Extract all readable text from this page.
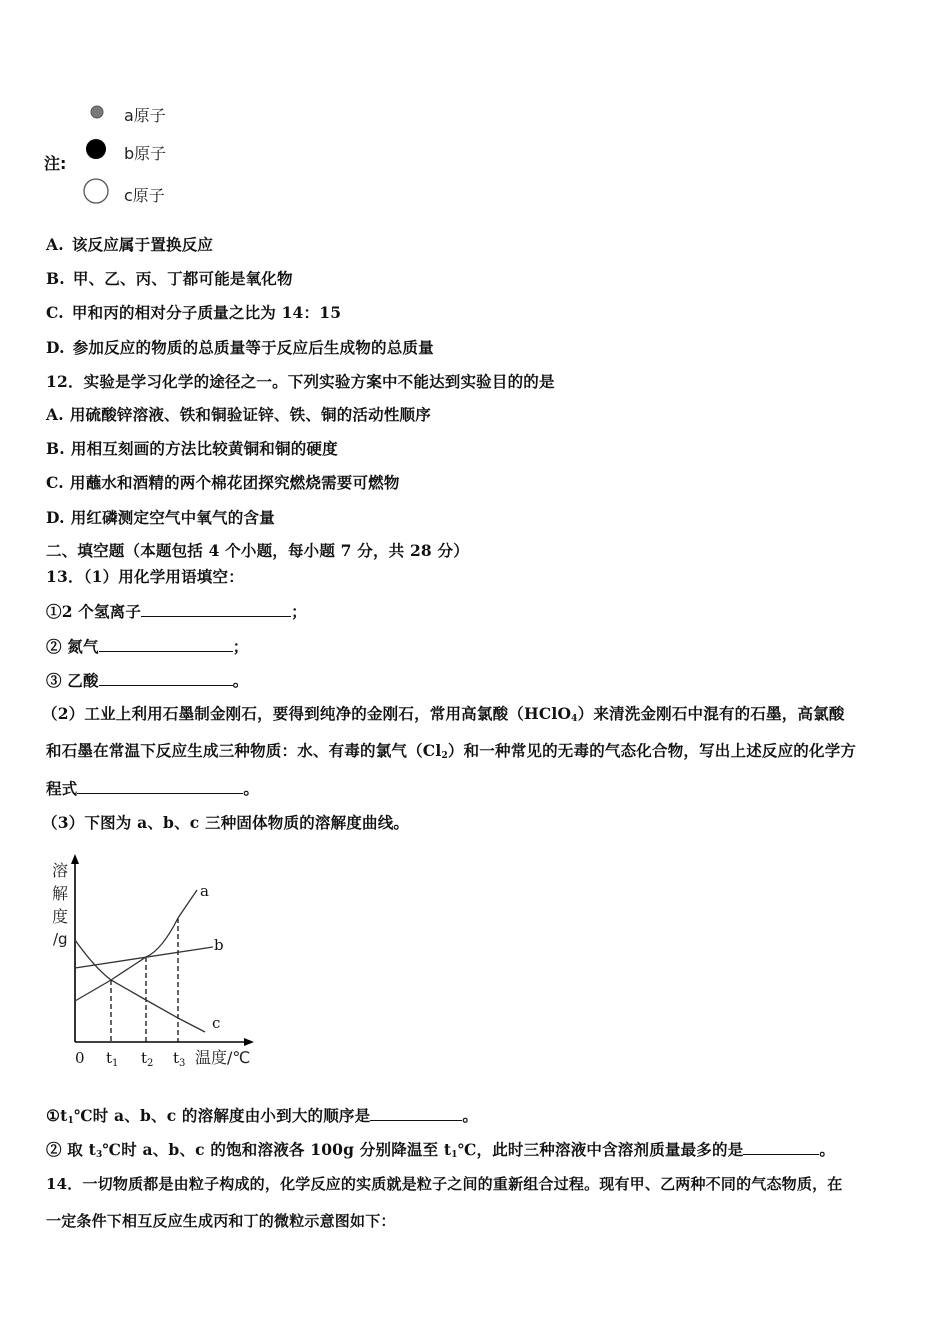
注:
a原子
b原子
c原子
A. 该反应属于置换反应
B. 甲、乙、丙、丁都可能是氧化物
C. 甲和丙的相对分子质量之比为 14：15
D. 参加反应的物质的总质量等于反应后生成物的总质量
12．实验是学习化学的途径之一。下列实验方案中不能达到实验目的的是
A. 用硫酸锌溶液、铁和铜验证锌、铁、铜的活动性顺序
B. 用相互刻画的方法比较黄铜和铜的硬度
C. 用蘸水和酒精的两个棉花团探究燃烧需要可燃物
D. 用红磷测定空气中氧气的含量
二、填空题（本题包括 4 个小题，每小题 7 分，共 28 分）
13．（1）用化学用语填空：
①2 个氢离子	；
② 氮气	；
③ 乙酸	。
（2）工业上利用石墨制金刚石，要得到纯净的金刚石，常用高氯酸（HClO$_4$）来清洗金刚石中混有的石墨，高氯酸
和石墨在常温下反应生成三种物质：水、有毒的氯气$(Cl_2)$和一种常见的无毒的气态化合物，写出上述反应的化学方
程式	。
（3）下图为 a、b、c 三种固体物质的溶解度曲线。
溶
解
度
/g
a
b
c
0 $t_1$ $t_2$ $t_3$ 温度/℃
$①t_1℃$时 a、b、c 的溶解度由小到大的顺序是	。
② 取 $t_3℃$时 a、b、c 的饱和溶液各 100g 分别降温至 $t_1℃$，此时三种溶液中含溶剂质量最多的是	。
14．一切物质都是由粒子构成的，化学反应的实质就是粒子之间的重新组合过程。现有甲、乙两种不同的气态物质，在
一定条件下相互反应生成丙和丁的微粒示意图如下：
